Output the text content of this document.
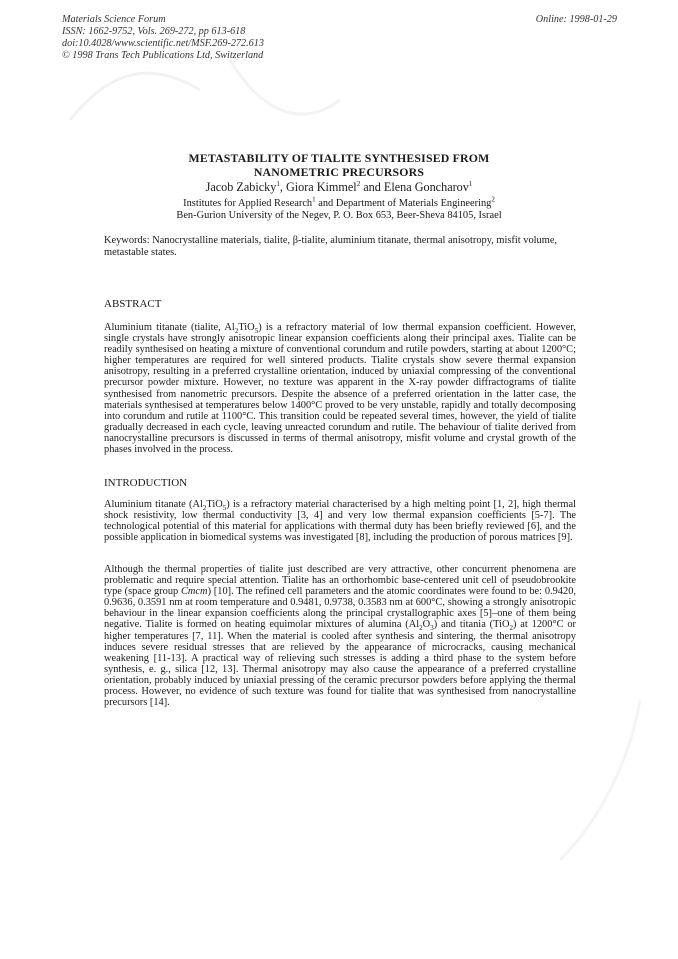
Materials Science Forum
ISSN: 1662-9752, Vols. 269-272, pp 613-618
doi:10.4028/www.scientific.net/MSF.269-272.613
© 1998 Trans Tech Publications Ltd, Switzerland
Online: 1998-01-29
METASTABILITY OF TIALITE SYNTHESISED FROM
NANOMETRIC PRECURSORS
Jacob Zabicky$^1$, Giora Kimmel$^2$ and Elena Goncharov$^1$
Institutes for Applied Research$^1$ and Department of Materials Engineering$^2$
Ben-Gurion University of the Negev, P. O. Box 653, Beer-Sheva 84105, Israel
Keywords: Nanocrystalline materials, tialite, β-tialite, aluminium titanate, thermal anisotropy, misfit volume, metastable states.
ABSTRACT
Aluminium titanate (tialite, $Al_2TiO_5$) is a refractory material of low thermal expansion coefficient. However, single crystals have strongly anisotropic linear expansion coefficients along their principal axes. Tialite can be readily synthesised on heating a mixture of conventional corundum and rutile powders, starting at about 1200°C; higher temperatures are required for well sintered products. Tialite crystals show severe thermal expansion anisotropy, resulting in a preferred crystalline orientation, induced by uniaxial compressing of the conventional precursor powder mixture. However, no texture was apparent in the X-ray powder diffractograms of tialite synthesised from nanometric precursors. Despite the absence of a preferred orientation in the latter case, the materials synthesised at temperatures below 1400°C proved to be very unstable, rapidly and totally decomposing into corundum and rutile at 1100°C. This transition could be repeated several times, however, the yield of tialite gradually decreased in each cycle, leaving unreacted corundum and rutile. The behaviour of tialite derived from nanocrystalline precursors is discussed in terms of thermal anisotropy, misfit volume and crystal growth of the phases involved in the process.
INTRODUCTION
Aluminium titanate $(Al_2TiO_5)$ is a refractory material characterised by a high melting point [1, 2], high thermal shock resistivity, low thermal conductivity [3, 4] and very low thermal expansion coefficients [5-7]. The technological potential of this material for applications with thermal duty has been briefly reviewed [6], and the possible application in biomedical systems was investigated [8], including the production of porous matrices [9].
Although the thermal properties of tialite just described are very attractive, other concurrent phenomena are problematic and require special attention. Tialite has an orthorhombic base-centered unit cell of pseudobrookite type (space group Cmcm) [10]. The refined cell parameters and the atomic coordinates were found to be: 0.9420, 0.9636, 0.3591 nm at room temperature and 0.9481, 0.9738, 0.3583 nm at 600°C, showing a strongly anisotropic behaviour in the linear expansion coefficients along the principal crystallographic axes [5]–one of them being negative. Tialite is formed on heating equimolar mixtures of alumina $(Al_2O_3)$ and titania (TiO$_2$) at 1200°C or higher temperatures [7, 11]. When the material is cooled after synthesis and sintering, the thermal anisotropy induces severe residual stresses that are relieved by the appearance of microcracks, causing mechanical weakening [11-13]. A practical way of relieving such stresses is adding a third phase to the system before synthesis, e. g., silica [12, 13]. Thermal anisotropy may also cause the appearance of a preferred crystalline orientation, probably induced by uniaxial pressing of the ceramic precursor powders before applying the thermal process. However, no evidence of such texture was found for tialite that was synthesised from nanocrystalline precursors [14].
